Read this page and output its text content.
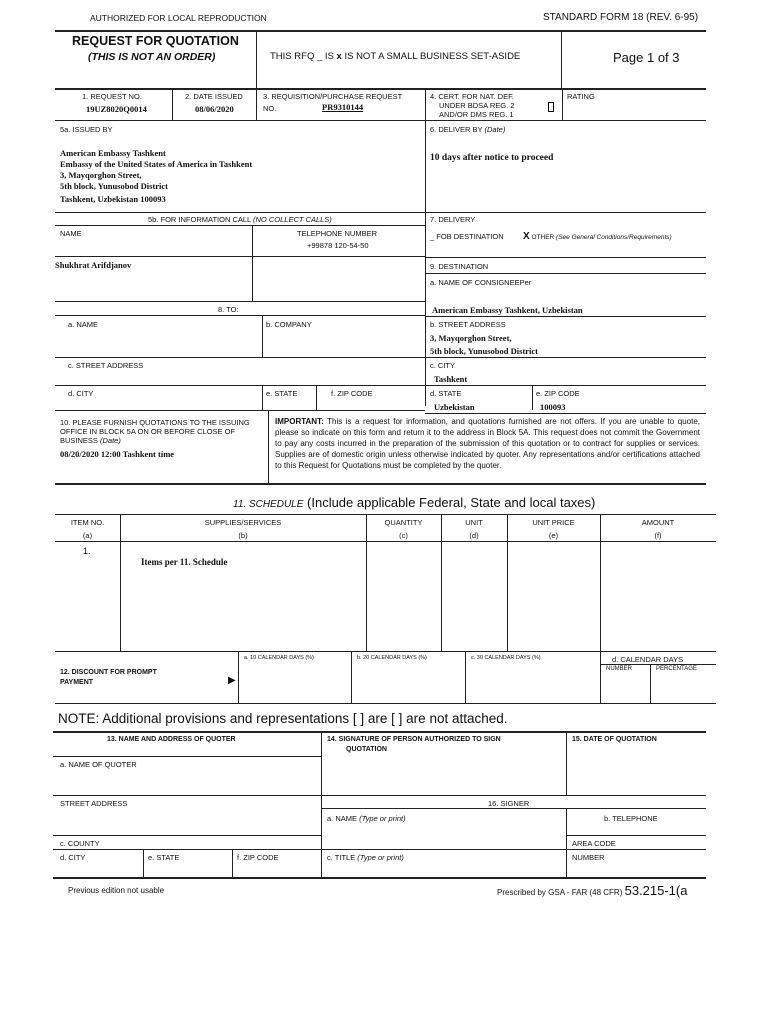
AUTHORIZED FOR LOCAL REPRODUCTION	STANDARD FORM 18 (REV. 6-95)
REQUEST FOR QUOTATION
(THIS IS NOT AN ORDER)	THIS RFQ _ IS x IS NOT A SMALL BUSINESS SET-ASIDE	Page 1 of 3
1. REQUEST NO.
19UZ8020Q0014
2. DATE ISSUED
08/06/2020
3. REQUISITION/PURCHASE REQUEST
NO.	PR9310144
4. CERT. FOR NAT. DEF.
UNDER BDSA REG. 2
AND/OR DMS REG. 1
RATING
5a. ISSUED BY
American Embassy Tashkent
Embassy of the United States of America in Tashkent
3, Mayqorghon Street,
5th block, Yunusobod District
Tashkent, Uzbekistan 100093
6. DELIVER BY (Date)
10 days after notice to proceed
5b. FOR INFORMATION CALL (NO COLLECT CALLS)
NAME	TELEPHONE NUMBER
+99878 120-54-50
Shukhrat Arifdjanov
7. DELIVERY
_ FOB DESTINATION X OTHER (See General Conditions/Requirements)
9. DESTINATION
a. NAME OF CONSIGNEEPer
American Embassy Tashkent, Uzbekistan
8. TO:
a. NAME	b. COMPANY
c. STREET ADDRESS
d. CITY	e. STATE	f. ZIP CODE
b. STREET ADDRESS
3, Mayqorghon Street,
5th block, Yunusobod District
c. CITY
Tashkent
d. STATE
Uzbekistan
e. ZIP CODE
100093
10. PLEASE FURNISH QUOTATIONS TO THE ISSUING OFFICE IN BLOCK 5A ON OR BEFORE CLOSE OF BUSINESS (Date)
08/20/2020 12:00 Tashkent time
IMPORTANT: This is a request for information, and quotations furnished are not offers. If you are unable to quote, please so indicate on this form and return it to the address in Block 5A. This request does not commit the Government to pay any costs incurred in the preparation of the submission of this quotation or to contract for supplies or services. Supplies are of domestic origin unless otherwise indicated by quoter. Any representations and/or certifications attached to this Request for Quotations must be completed by the quoter.
11. SCHEDULE (Include applicable Federal, State and local taxes)
ITEM NO.
(a)
SUPPLIES/SERVICES
(b)
QUANTITY
(c)
UNIT
(d)
UNIT PRICE
(e)
AMOUNT
(f)
1.
Items per 11. Schedule
12. DISCOUNT FOR PROMPT
PAYMENT	▶
a. 10 CALENDAR DAYS (%)	b. 20 CALENDAR DAYS (%)	c. 30 CALENDAR DAYS (%)	d. CALENDAR DAYS
NUMBER	PERCENTAGE
NOTE: Additional provisions and representations [ ] are [ ] are not attached.
13. NAME AND ADDRESS OF QUOTER	14. SIGNATURE OF PERSON AUTHORIZED TO SIGN
QUOTATION
15. DATE OF QUOTATION
a. NAME OF QUOTER
STREET ADDRESS	16. SIGNER
a. NAME (Type or print)	b. TELEPHONE
c. COUNTY	AREA CODE
d. CITY	e. STATE	f. ZIP CODE	c. TITLE (Type or print)	NUMBER
Previous edition not usable	Prescribed by GSA - FAR (48 CFR) 53.215-1(a
